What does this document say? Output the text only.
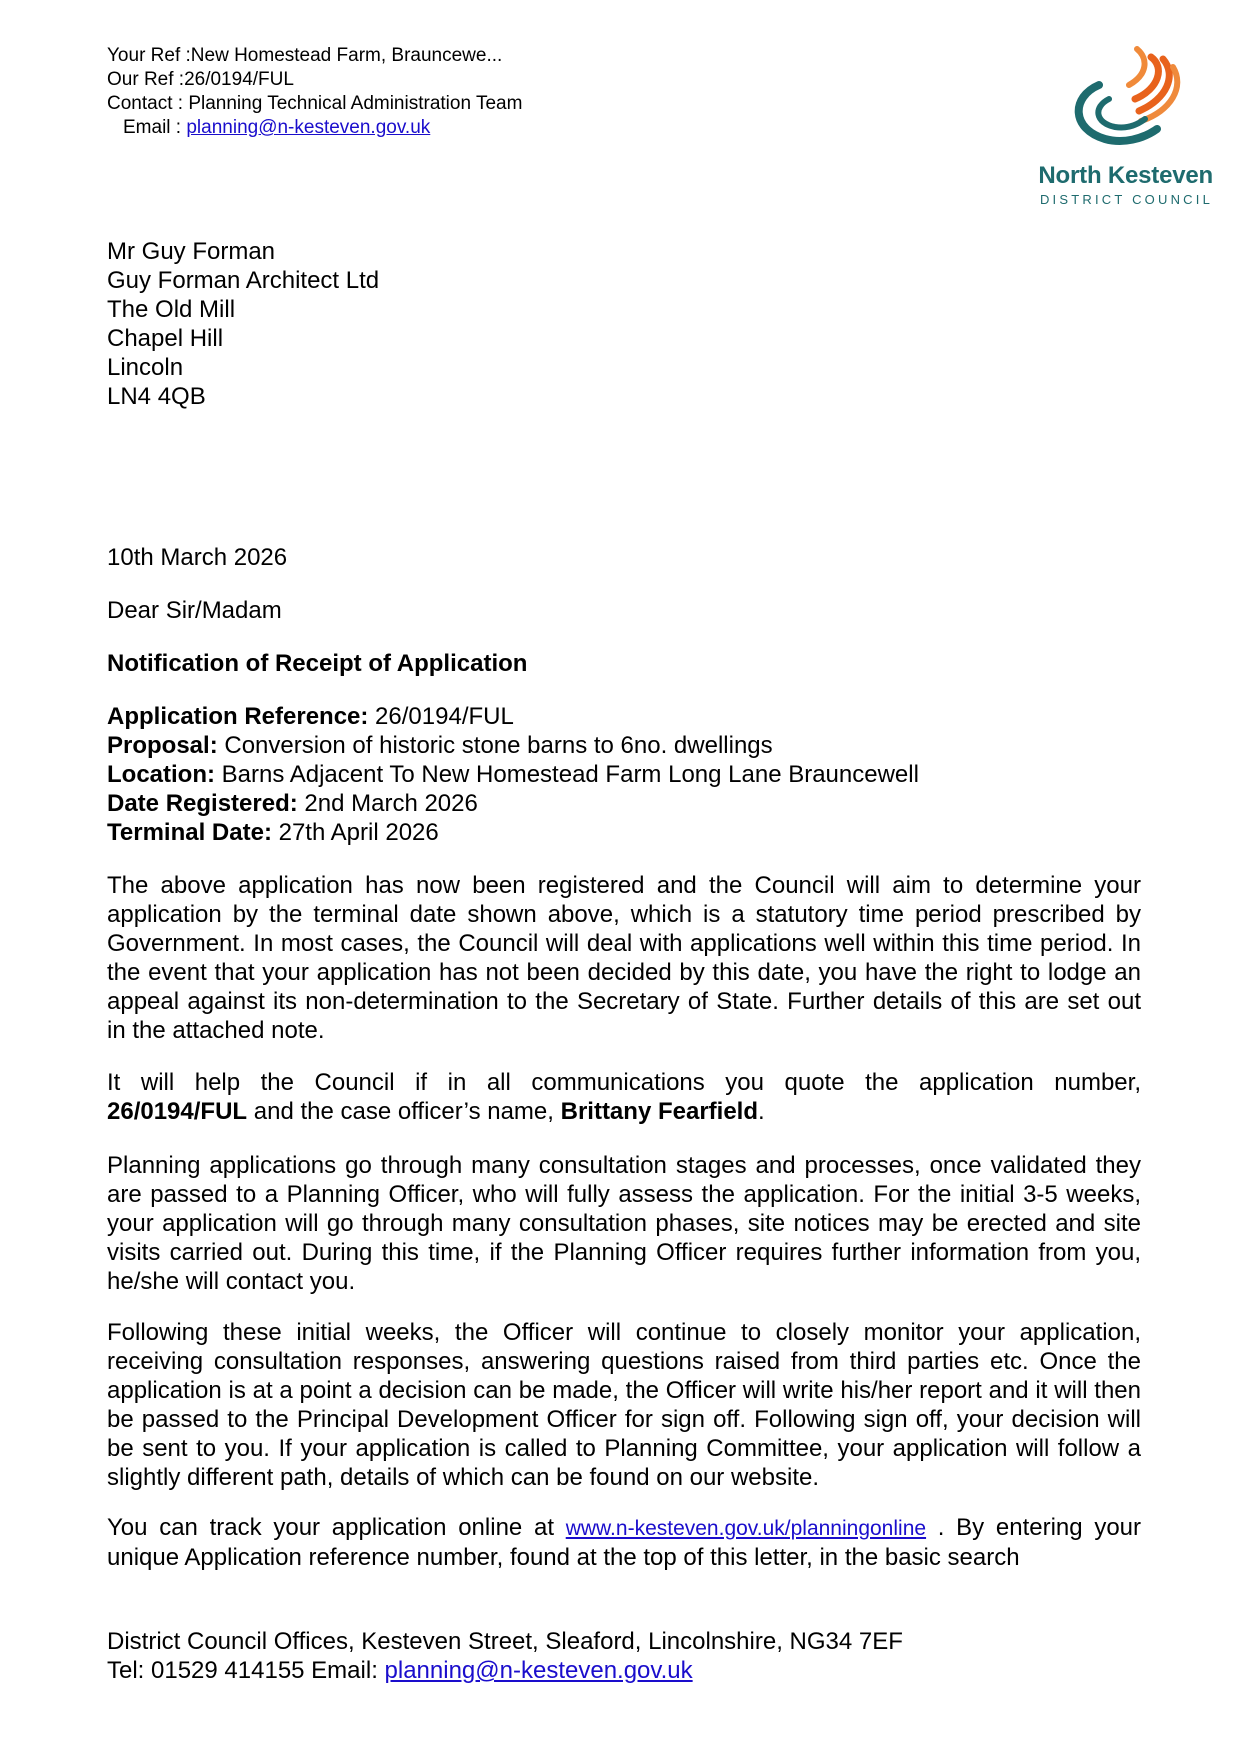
Your Ref :New Homestead Farm, Brauncewe...
Our Ref :26/0194/FUL
Contact : Planning Technical Administration Team
Email : planning@n-kesteven.gov.uk
North Kesteven
DISTRICT COUNCIL
Mr Guy Forman
Guy Forman Architect Ltd
The Old Mill
Chapel Hill
Lincoln
LN4 4QB
10th March 2026
Dear Sir/Madam
Notification of Receipt of Application
Application Reference: 26/0194/FUL
Proposal: Conversion of historic stone barns to 6no. dwellings
Location: Barns Adjacent To New Homestead Farm Long Lane Brauncewell
Date Registered: 2nd March 2026
Terminal Date: 27th April 2026
The above application has now been registered and the Council will aim to determine your application by the terminal date shown above, which is a statutory time period prescribed by Government. In most cases, the Council will deal with applications well within this time period. In the event that your application has not been decided by this date, you have the right to lodge an appeal against its non-determination to the Secretary of State. Further details of this are set out in the attached note.
It will help the Council if in all communications you quote the application number,
26/0194/FUL and the case officer’s name, Brittany Fearfield.
Planning applications go through many consultation stages and processes, once validated they are passed to a Planning Officer, who will fully assess the application. For the initial 3-5 weeks, your application will go through many consultation phases, site notices may be erected and site visits carried out. During this time, if the Planning Officer requires further information from you, he/she will contact you.
Following these initial weeks, the Officer will continue to closely monitor your application, receiving consultation responses, answering questions raised from third parties etc. Once the application is at a point a decision can be made, the Officer will write his/her report and it will then be passed to the Principal Development Officer for sign off. Following sign off, your decision will be sent to you. If your application is called to Planning Committee, your application will follow a slightly different path, details of which can be found on our website.
You can track your application online at www.n-kesteven.gov.uk/planningonline . By entering your unique Application reference number, found at the top of this letter, in the basic search
District Council Offices, Kesteven Street, Sleaford, Lincolnshire, NG34 7EF
Tel: 01529 414155 Email: planning@n-kesteven.gov.uk
